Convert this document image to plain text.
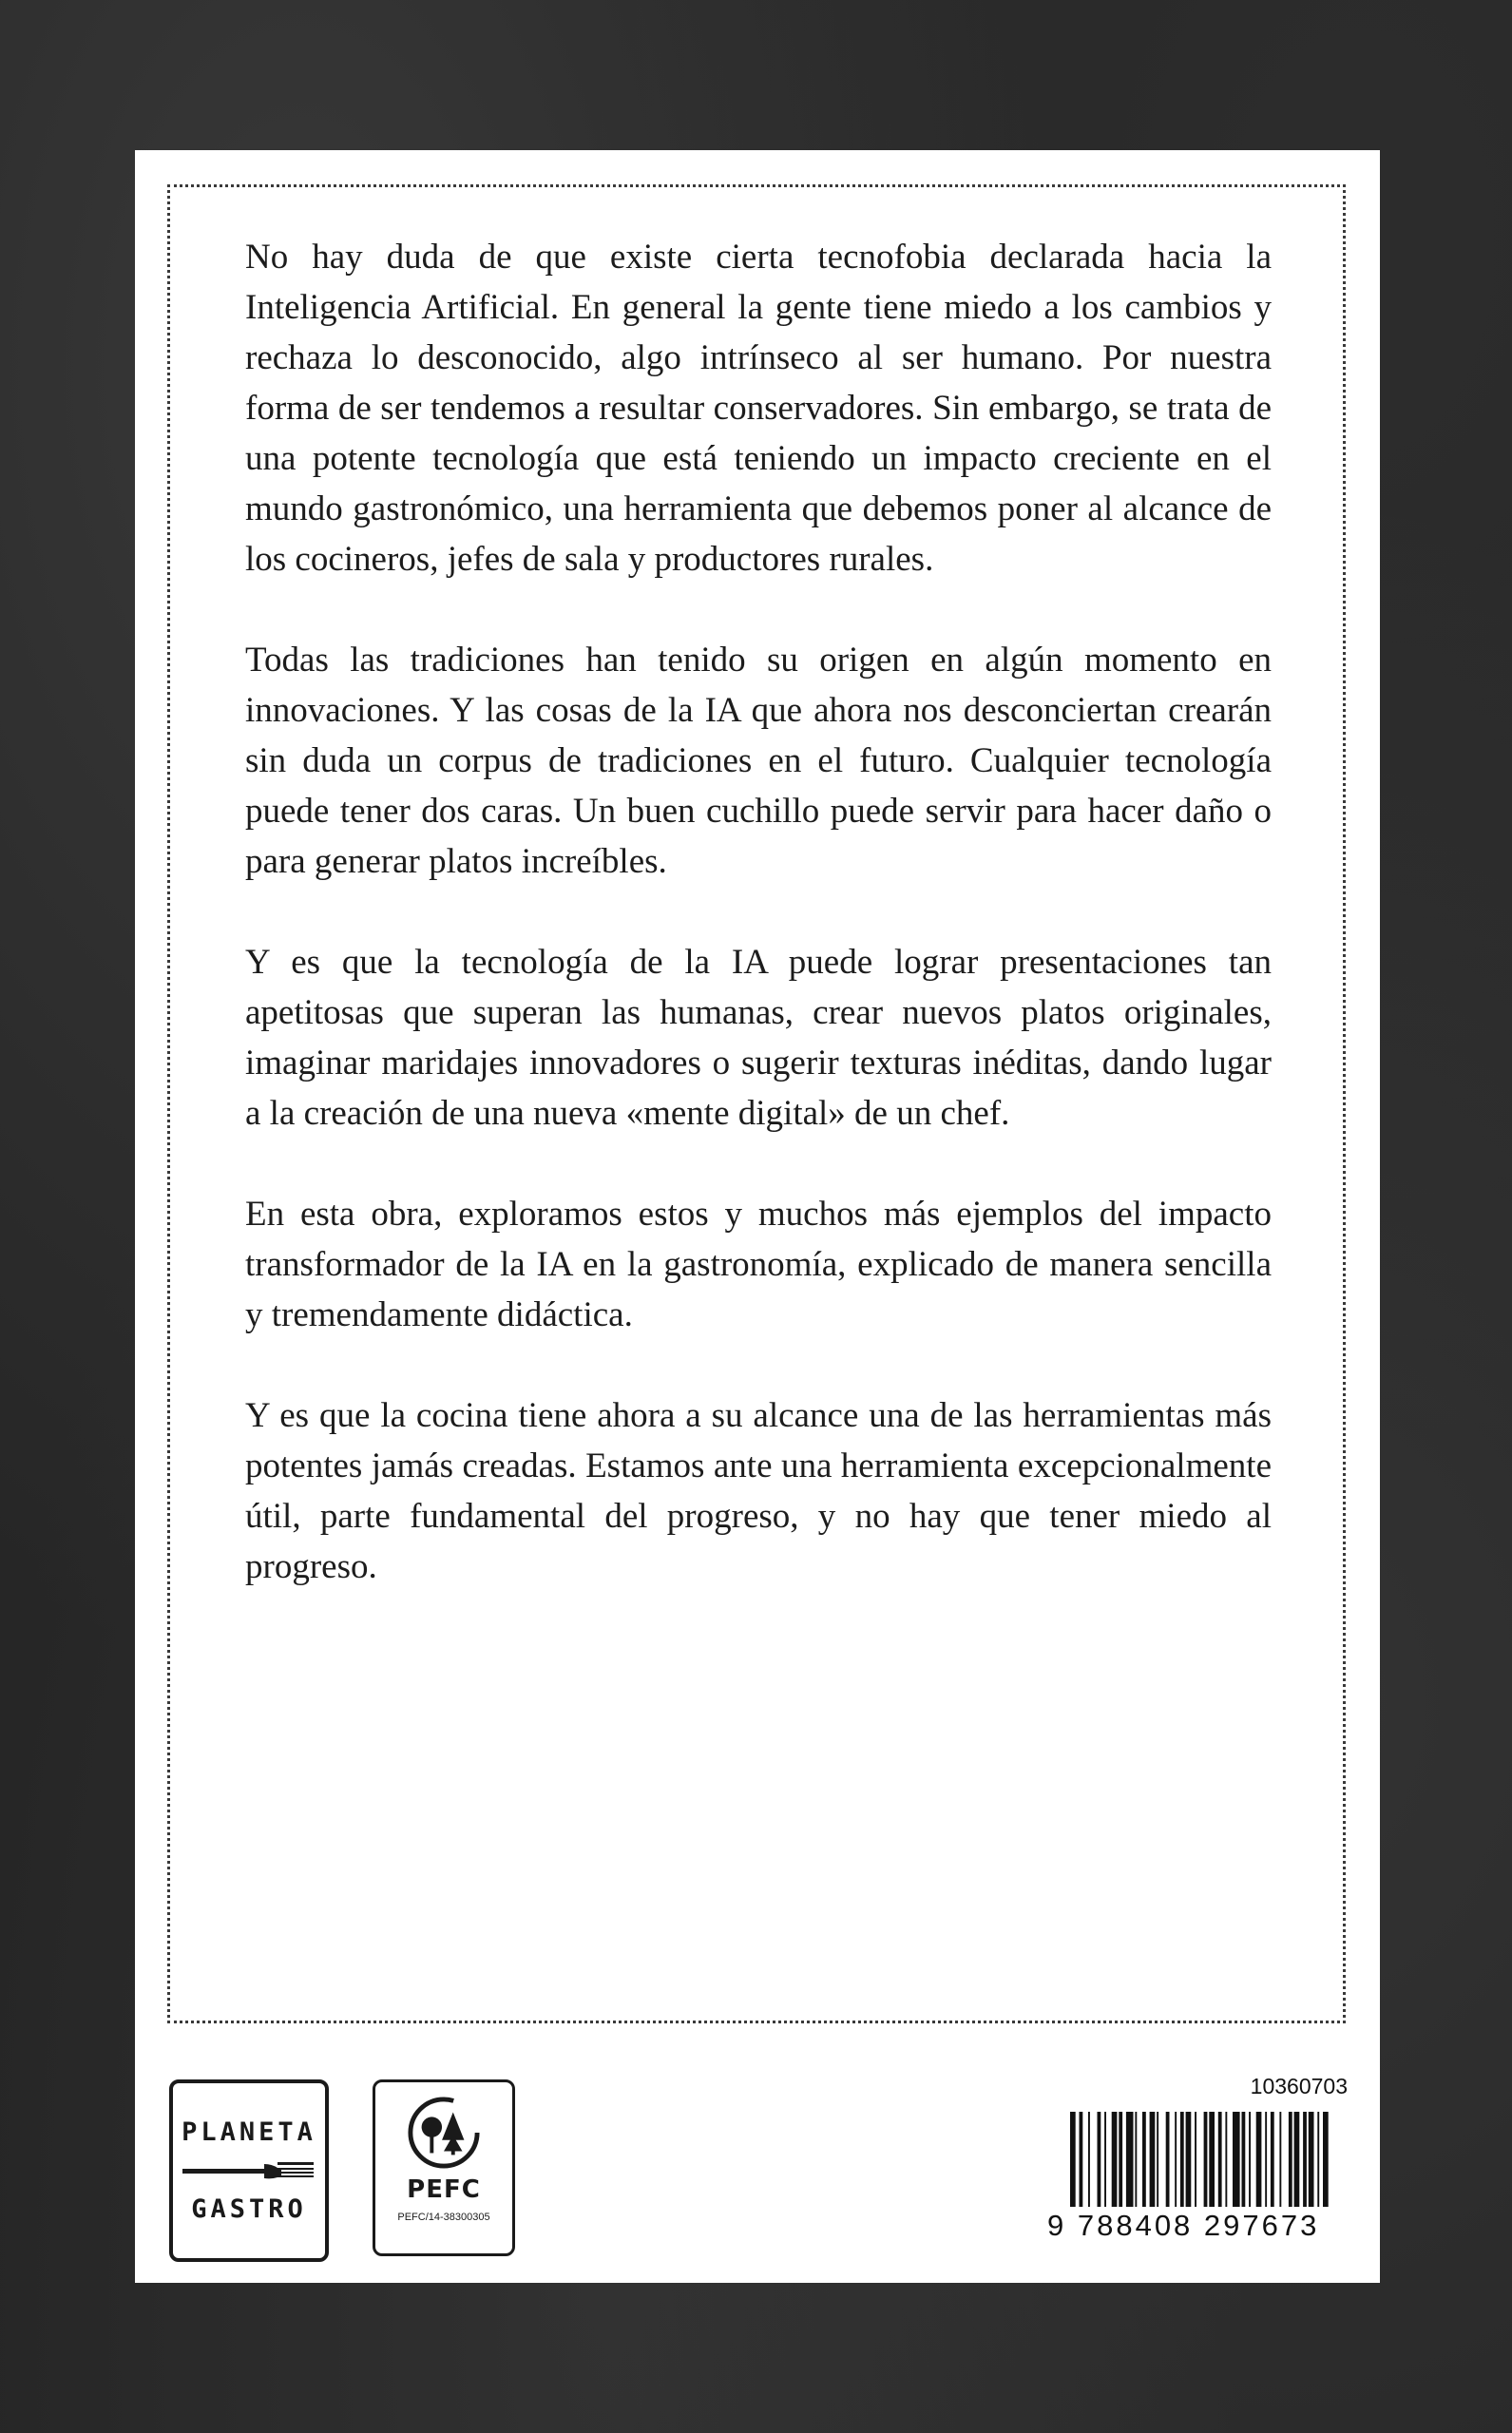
No hay duda de que existe cierta tecnofobia declarada hacia la Inteligencia Artificial. En general la gente tiene miedo a los cambios y rechaza lo desconocido, algo intrínseco al ser humano. Por nuestra forma de ser tendemos a resultar conservadores. Sin embargo, se trata de una potente tecnología que está teniendo un impacto creciente en el mundo gastronómico, una herramienta que debemos poner al alcance de los cocineros, jefes de sala y productores rurales.

Todas las tradiciones han tenido su origen en algún momento en innovaciones. Y las cosas de la IA que ahora nos desconciertan crearán sin duda un corpus de tradiciones en el futuro. Cualquier tecnología puede tener dos caras. Un buen cuchillo puede servir para hacer daño o para generar platos increíbles.

Y es que la tecnología de la IA puede lograr presentaciones tan apetitosas que superan las humanas, crear nuevos platos originales, imaginar maridajes innovadores o sugerir texturas inéditas, dando lugar a la creación de una nueva «mente digital» de un chef.

En esta obra, exploramos estos y muchos más ejemplos del impacto transformador de la IA en la gastronomía, explicado de manera sencilla y tremendamente didáctica.

Y es que la cocina tiene ahora a su alcance una de las herramientas más potentes jamás creadas. Estamos ante una herramienta excepcionalmente útil, parte fundamental del progreso, y no hay que tener miedo al progreso.

PLANETA
GASTRO
PEFC
PEFC/14-38300305
10360703
9 788408 297673
